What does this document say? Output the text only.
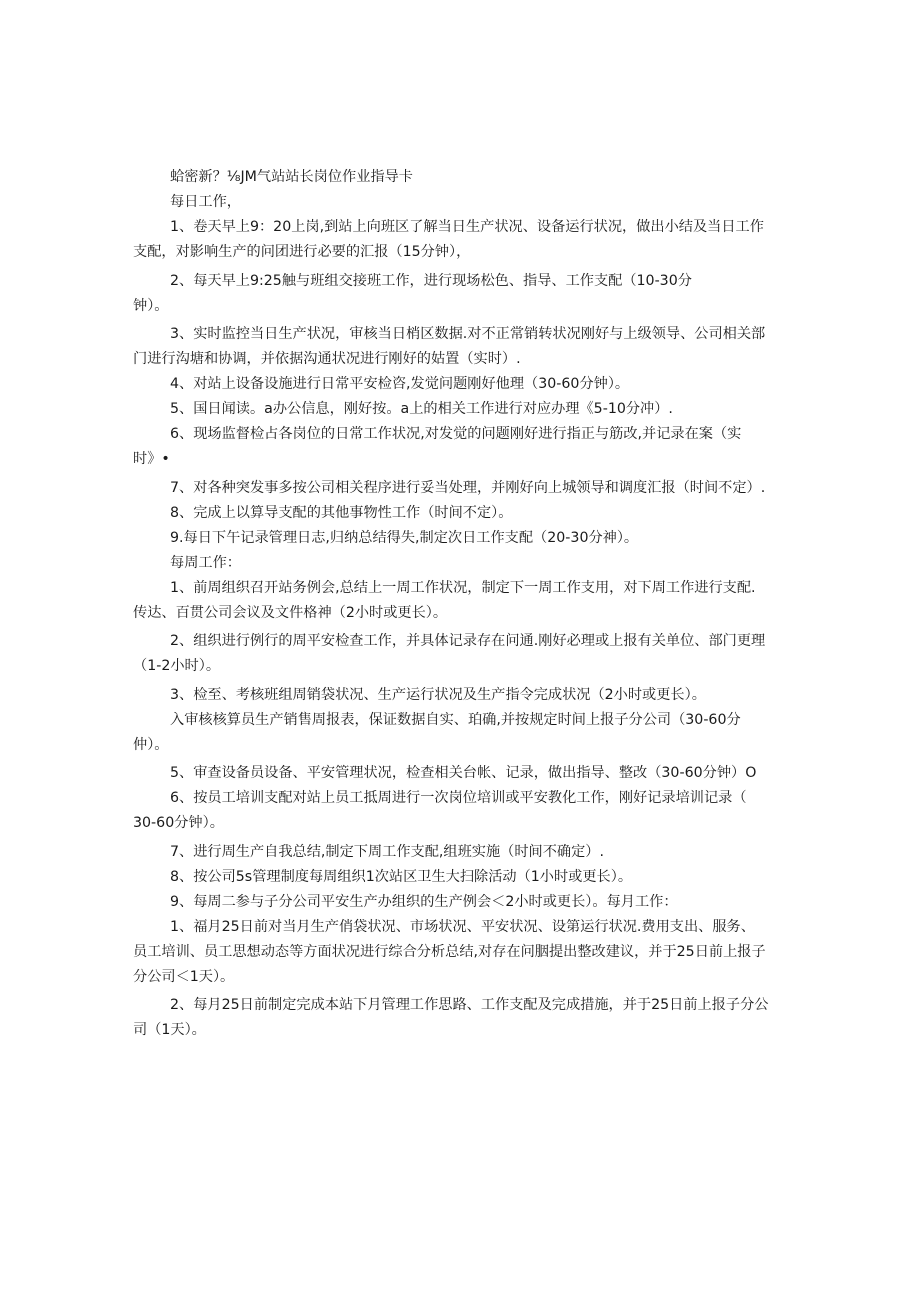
蛤密新？⅛JM气站站长岗位作业指导卡

每日工作，

1、卷天早上9：20上岗,到站上向班区了解当日生产状况、设备运行状况，做出小结及当日工作

支配，对影响生产的问团进行必要的汇报（15分钟），

2、每天早上9:25触与班组交接班工作，进行现场松色、指导、工作支配（10-30分

钟）。

3、实时监控当日生产状况，审核当日梢区数据.对不正常销转状况刚好与上级领导、公司相关部

门进行沟塘和协调，并依据沟通状况进行刚好的姑置（实时）.

4、对站上设备设施进行日常平安检咨,发觉问题刚好他理（30-60分钟）。

5、国日闻读。a办公信息，刚好按。a上的相关工作进行对应办理《5-10分冲）.

6、现场监督检占各岗位的日常工作状况,对发觉的问题刚好进行指正与筋改,并记录在案（实

时》•

7、对各种突发事多按公司相关程序进行妥当处理，并刚好向上城领导和调度汇报（时间不定）.

8、完成上以算导支配的其他事物性工作（时间不定）。

9.每日下午记录管理日志,归纳总结得失,制定次日工作支配（20-30分神）。

每周工作：

1、前周组织召开站务例会,总结上一周工作状况，制定下一周工作支用，对下周工作进行支配.

传达、百贯公司会议及文件格神（2小时或更长）。

2、组织进行例行的周平安检查工作，并具体记录存在问通.刚好必理或上报有关单位、部门更理

（1-2小时）。

3、检至、考核班组周销袋状况、生产运行状况及生产指令完成状况（2小时或更长）。

入审核核算员生产销售周报表，保证数据自实、珀确,并按规定时间上报子分公司（30-60分

仲）。

5、审查设备员设备、平安管理状况，检查相关台帐、记录，做出指导、整改（30-60分钟）O

6、按员工培训支配对站上员工抵周进行一次岗位培训或平安教化工作，刚好记录培训记录（

30-60分钟）。

7、进行周生产自我总结,制定下周工作支配,组班实施（时间不确定）.

8、按公司5s管理制度每周组织1次站区卫生大扫除活动（1小时或更长）。

9、每周二参与子分公司平安生产办组织的生产例会＜2小时或更长）。每月工作：

1、福月25日前对当月生产俏袋状况、市场状况、平安状况、设第运行状况.费用支出、服务、

员工培训、员工思想动态等方面状况进行综合分析总结,对存在问胭提出整改建议，并于25日前上报子

分公司＜1天）。

2、每月25日前制定完成本站下月管理工作思路、工作支配及完成措施，并于25日前上报子分公

司（1天）。
